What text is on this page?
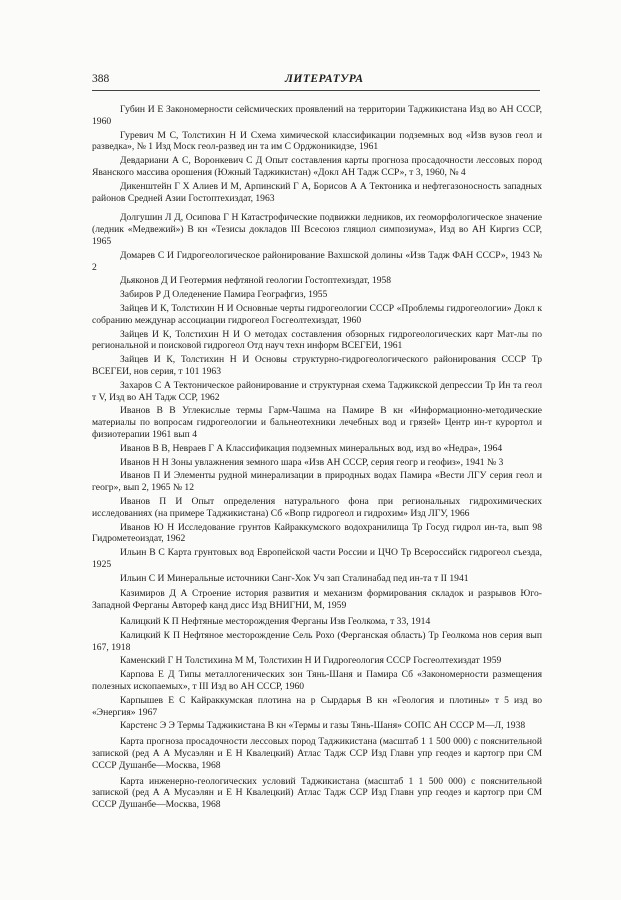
388	ЛИТЕРАТУРА

Губин И Е Закономерности сейсмических проявлений на территории Таджикистана Изд во АН СССР, 1960

Гуревич М С, Толстихин Н И Схема химической классификации подземных вод «Изв вузов геол и разведка», № 1 Изд Моск геол-развед ин та им С Орджоникидзе, 1961

Девдариани А С, Воронкевич С Д Опыт составления карты прогноза просадочности лессовых пород Яванского массива орошения (Южный Таджикистан) «Докл АН Тадж ССР», т 3, 1960, № 4

Дикенштейн Г Х Алиев И М, Арпинский Г А, Борисов А А Тектоника и нефтегазоносность западных районов Средней Азии Гостоптехиздат, 1963

Долгушин Л Д, Осипова Г Н Катастрофические подвижки ледников, их геоморфологическое значение (ледник «Медвежий») В кн «Тезисы докладов III Всесоюз гляциол симпозиума», Изд во АН Киргиз ССР, 1965

Домарев С И Гидрогеологическое районирование Вахшской долины «Изв Тадж ФАН СССР», 1943 № 2

Дьяконов Д И Геотермия нефтяной геологии Гостоптехиздат, 1958

Забиров Р Д Оледенение Памира Географгиз, 1955

Зайцев И К, Толстихин Н И Основные черты гидрогеологии СССР «Проблемы гидрогеологии» Докл к собранию междунар ассоциации гидрогеол Госгеолтехиздат, 1960

Зайцев И К, Толстихин Н И О методах составления обзорных гидрогеологических карт Мат-лы по региональной и поисковой гидрогеол Отд науч техн информ ВСЕГЕИ, 1961

Зайцев И К, Толстихин Н И Основы структурно-гидрогеологического районирования СССР Тр ВСЕГЕИ, нов серия, т 101 1963

Захаров С А Тектоническое районирование и структурная схема Таджикской депрессии Тр Ин та геол т V, Изд во АН Тадж ССР, 1962

Иванов В В Углекислые термы Гарм-Чашма на Памире В кн «Информационно-методические материалы по вопросам гидрогеологии и бальнеотехники лечебных вод и грязей» Центр ин-т курортол и физиотерапии 1961 вып 4

Иванов В В, Невраев Г А Классификация подземных минеральных вод, изд во «Недра», 1964

Иванов Н Н Зоны увлажнения земного шара «Изв АН СССР, серия геогр и геофиз», 1941 № 3

Иванов П И Элементы рудной минерализации в природных водах Памира «Вести ЛГУ серия геол и геогр», вып 2, 1965 № 12

Иванов П И Опыт определения натурального фона при региональных гидрохимических исследованиях (на примере Таджикистана) Сб «Вопр гидрогеол и гидрохим» Изд ЛГУ, 1966

Иванов Ю Н Исследование грунтов Кайраккумского водохранилища Тр Госуд гидрол ин-та, вып 98 Гидрометеоиздат, 1962

Ильин В С Карта грунтовых вод Европейской части России и ЦЧО Тр Всероссийск гидрогеол съезда, 1925

Ильин С И Минеральные источники Санг-Хок Уч зап Сталинабад пед ин-та т II 1941

Казимиров Д А Строение история развития и механизм формирования складок и разрывов Юго-Западной Ферганы Автореф канд дисс Изд ВНИГНИ, М, 1959

Калицкий К П Нефтяные месторождения Ферганы Изв Геолкома, т 33, 1914

Калицкий К П Нефтяное месторождение Сель Рохо (Ферганская область) Тр Геолкома нов серия вып 167, 1918

Каменский Г Н Толстихина М М, Толстихин Н И Гидрогеология СССР Госгеолтехиздат 1959

Карпова Е Д Типы металлогенических зон Тянь-Шаня и Памира Сб «Закономерности размещения полезных ископаемых», т III Изд во АН СССР, 1960

Карпышев Е С Кайраккумская плотина на р Сырдарья В кн «Геология и плотины» т 5 изд во «Энергия» 1967

Карстенс Э Э Термы Таджикистана В кн «Термы и газы Тянь-Шаня» СОПС АН СССР М—Л, 1938

Карта прогноза просадочности лессовых пород Таджикистана (масштаб 1 1 500 000) с пояснительной запиской (ред А А Мусаэлян и Е Н Квалецкий) Атлас Тадж ССР Изд Главн упр геодез и картогр при СМ СССР Душанбе—Москва, 1968

Карта инженерно-геологических условий Таджикистана (масштаб 1 1 500 000) с пояснительной запиской (ред А А Мусаэлян и Е Н Квалецкий) Атлас Тадж ССР Изд Главн упр геодез и картогр при СМ СССР Душанбе—Москва, 1968
